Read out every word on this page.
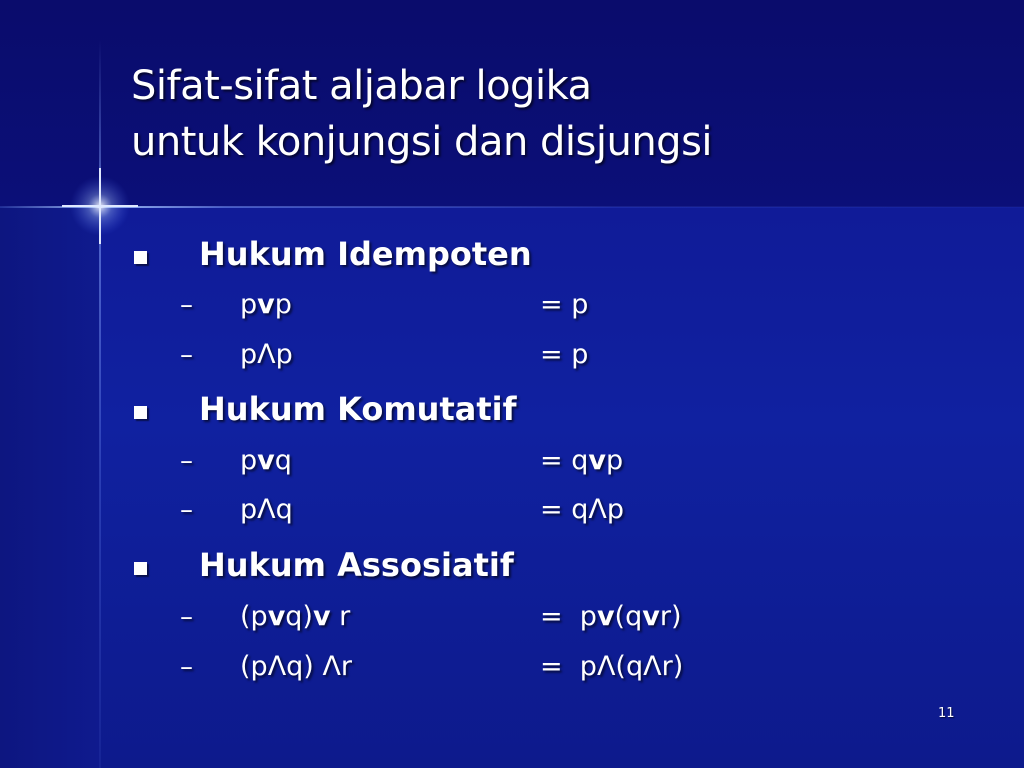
Sifat-sifat aljabar logika
untuk konjungsi dan disjungsi
Hukum Idempoten
– pvp	= p
– pΛp	= p
Hukum Komutatif
– pvq	= qvp
– pΛq	= qΛp
Hukum Assosiatif
– (pvq)v r	=  pv(qvr)
– (pΛq) Λr	=  pΛ(qΛr)
11
